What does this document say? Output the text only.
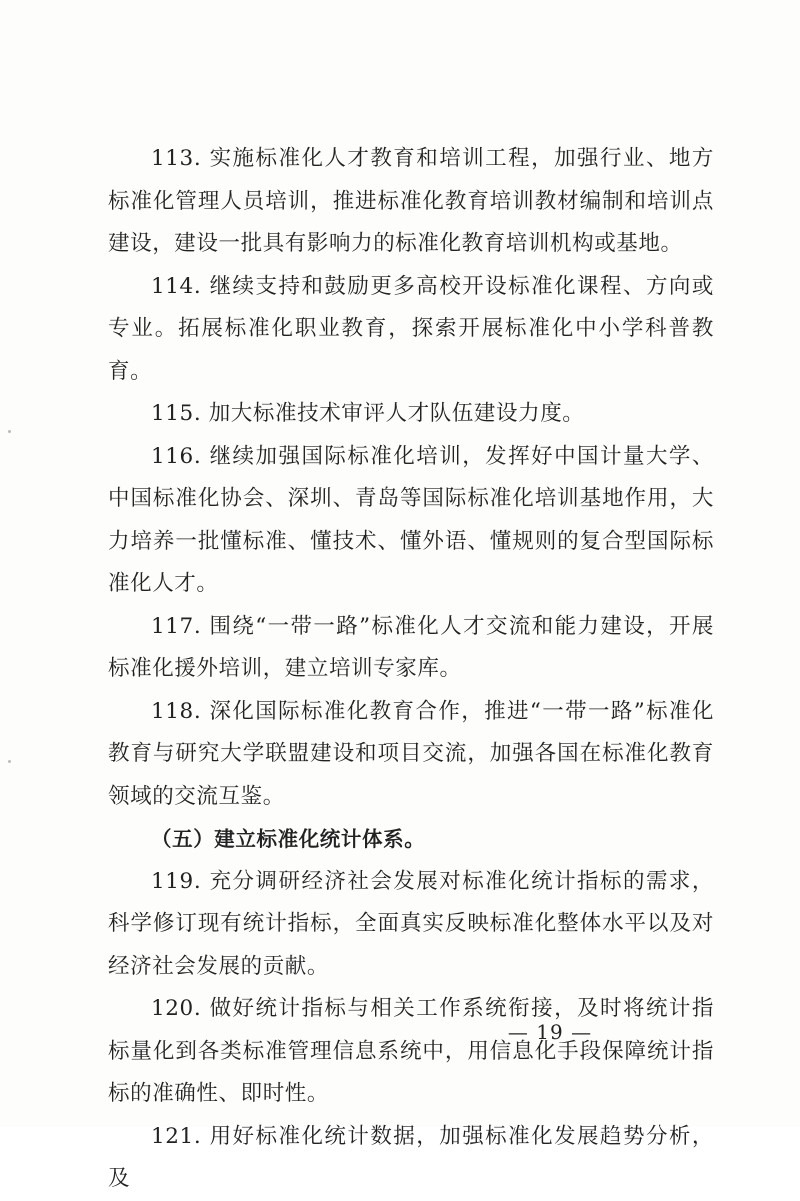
113. 实施标准化人才教育和培训工程，加强行业、地方标准化管理人员培训，推进标准化教育培训教材编制和培训点建设，建设一批具有影响力的标准化教育培训机构或基地。

114. 继续支持和鼓励更多高校开设标准化课程、方向或专业。拓展标准化职业教育，探索开展标准化中小学科普教育。

115. 加大标准技术审评人才队伍建设力度。

116. 继续加强国际标准化培训，发挥好中国计量大学、中国标准化协会、深圳、青岛等国际标准化培训基地作用，大力培养一批懂标准、懂技术、懂外语、懂规则的复合型国际标准化人才。

117. 围绕“一带一路”标准化人才交流和能力建设，开展标准化援外培训，建立培训专家库。

118. 深化国际标准化教育合作，推进“一带一路”标准化教育与研究大学联盟建设和项目交流，加强各国在标准化教育领域的交流互鉴。

（五）建立标准化统计体系。

119. 充分调研经济社会发展对标准化统计指标的需求，科学修订现有统计指标，全面真实反映标准化整体水平以及对经济社会发展的贡献。

120. 做好统计指标与相关工作系统衔接，及时将统计指标量化到各类标准管理信息系统中，用信息化手段保障统计指标的准确性、即时性。

121. 用好标准化统计数据，加强标准化发展趋势分析，及

— 19 —
